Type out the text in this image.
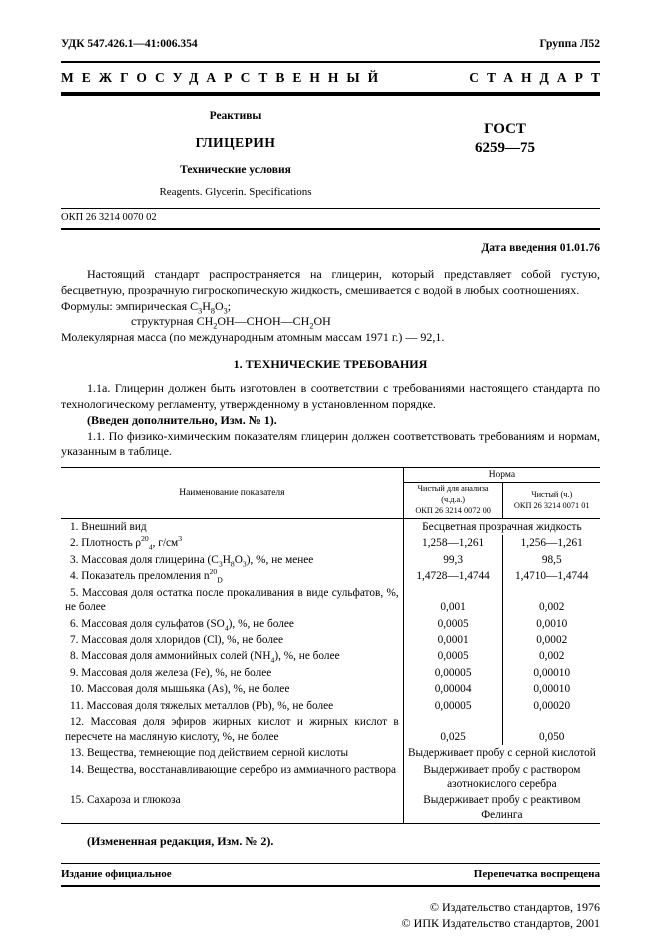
УДК 547.426.1—41:006.354	Группа Л52
МЕЖГОСУДАРСТВЕННЫЙ	СТАНДАРТ
Реактивы
ГЛИЦЕРИН
Технические условия
Reagents. Glycerin. Specifications
ГОСТ
6259—75
ОКП 26 3214 0070 02
Дата введения 01.01.76

Настоящий стандарт распространяется на глицерин, который представляет собой густую, бесцветную, прозрачную гигроскопическую жидкость, смешивается с водой в любых соотношениях.

Формулы: эмпирическая $C_3H_8O_3$;

структурная $CH_2OH—CHOH—CH_2OH$

Молекулярная масса (по международным атомным массам 1971 г.) — 92,1.

1. ТЕХНИЧЕСКИЕ ТРЕБОВАНИЯ

1.1а. Глицерин должен быть изготовлен в соответствии с требованиями настоящего стандарта по технологическому регламенту, утвержденному в установленном порядке.

(Введен дополнительно, Изм. № 1).

1.1. По физико-химическим показателям глицерин должен соответствовать требованиям и нормам, указанным в таблице.

Наименование показателя	Норма	

Чистый для анализа (ч.д.а.)
ОКП 26 3214 0072 00

Чистый (ч.)
ОКП 26 3214 0071 01

1. Внешний вид	Бесцветная прозрачная жидкость	
2. Плотность $\rho^{20}_4$, $г/см^3$	1,258—1,261	1,256—1,261
3. Массовая доля глицерина $(C_3H_8O_3)$, %, не менее	99,3	98,5
4. Показатель преломления $n^{20}_D$	1,4728—1,4744	1,4710—1,4744
5. Массовая доля остатка после прокаливания в виде сульфатов, %, не более	0,001	0,002
6. Массовая доля сульфатов $(SO_4)$, %, не более	0,0005	0,0010
7. Массовая доля хлоридов (Cl), %, не более	0,0001	0,0002
8. Массовая доля аммонийных солей $(NH_4)$, %, не более	0,0005	0,002
9. Массовая доля железа (Fe), %, не более	0,00005	0,00010
10. Массовая доля мышьяка (As), %, не более	0,00004	0,00010
11. Массовая доля тяжелых металлов (Pb), %, не более	0,00005	0,00020
12. Массовая доля эфиров жирных кислот и жирных кислот в пересчете на масляную кислоту, %, не более	0,025	0,050
13. Вещества, темнеющие под действием серной кислоты	Выдерживает пробу с серной кислотой	
14. Вещества, восстанавливающие серебро из аммиачного раствора	Выдерживает пробу с раствором азотнокислого серебра	
15. Сахароза и глюкоза	Выдерживает пробу с реактивом Фелинга	

(Измененная редакция, Изм. № 2).

Издание официальное	Перепечатка воспрещена
© Издательство стандартов, 1976
© ИПК Издательство стандартов, 2001
